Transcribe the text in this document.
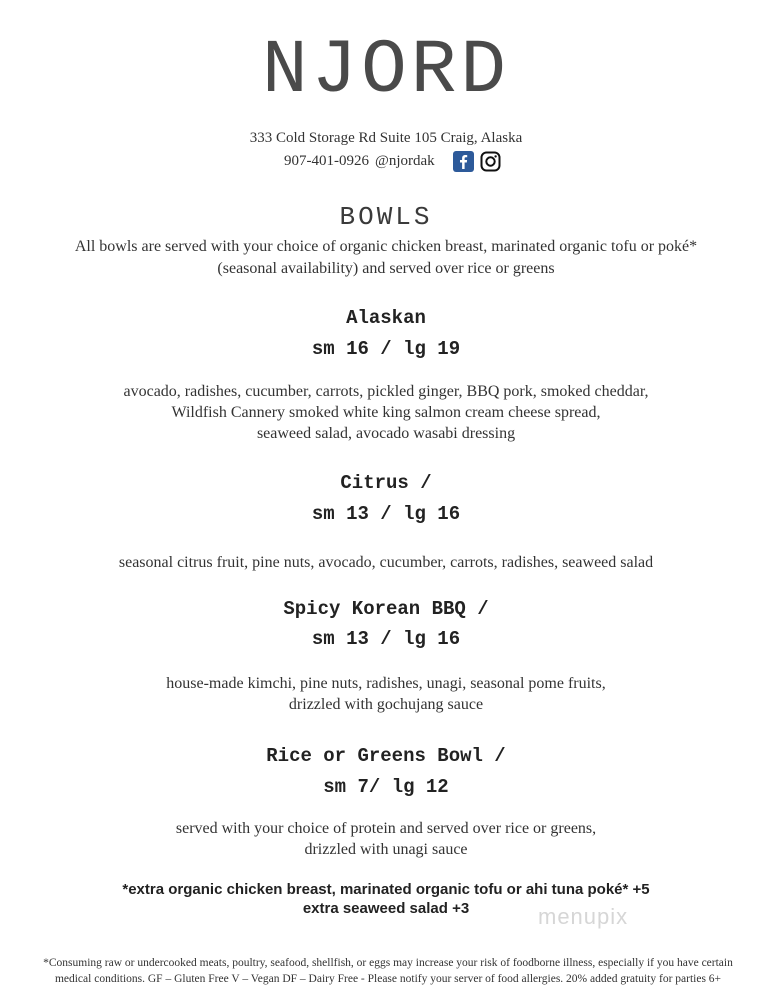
NJORD
333 Cold Storage Rd Suite 105 Craig, Alaska
907-401-0926 @njordak
BOWLS
All bowls are served with your choice of organic chicken breast, marinated organic tofu or poké* (seasonal availability) and served over rice or greens
Alaskan
sm 16 / lg 19
avocado, radishes, cucumber, carrots, pickled ginger, BBQ pork, smoked cheddar,
Wildfish Cannery smoked white king salmon cream cheese spread,
seaweed salad, avocado wasabi dressing
Citrus /
sm 13 / lg 16
seasonal citrus fruit, pine nuts, avocado, cucumber, carrots, radishes, seaweed salad
Spicy Korean BBQ /
sm 13 / lg 16
house-made kimchi, pine nuts, radishes, unagi, seasonal pome fruits,
drizzled with gochujang sauce
Rice or Greens Bowl /
sm 7/ lg 12
served with your choice of protein and served over rice or greens,
drizzled with unagi sauce
*extra organic chicken breast, marinated organic tofu or ahi tuna poké* +5
extra seaweed salad +3	menupix
*Consuming raw or undercooked meats, poultry, seafood, shellfish, or eggs may increase your risk of foodborne illness, especially if you have certain
medical conditions. GF – Gluten Free V – Vegan DF – Dairy Free - Please notify your server of food allergies. 20% added gratuity for parties 6+
